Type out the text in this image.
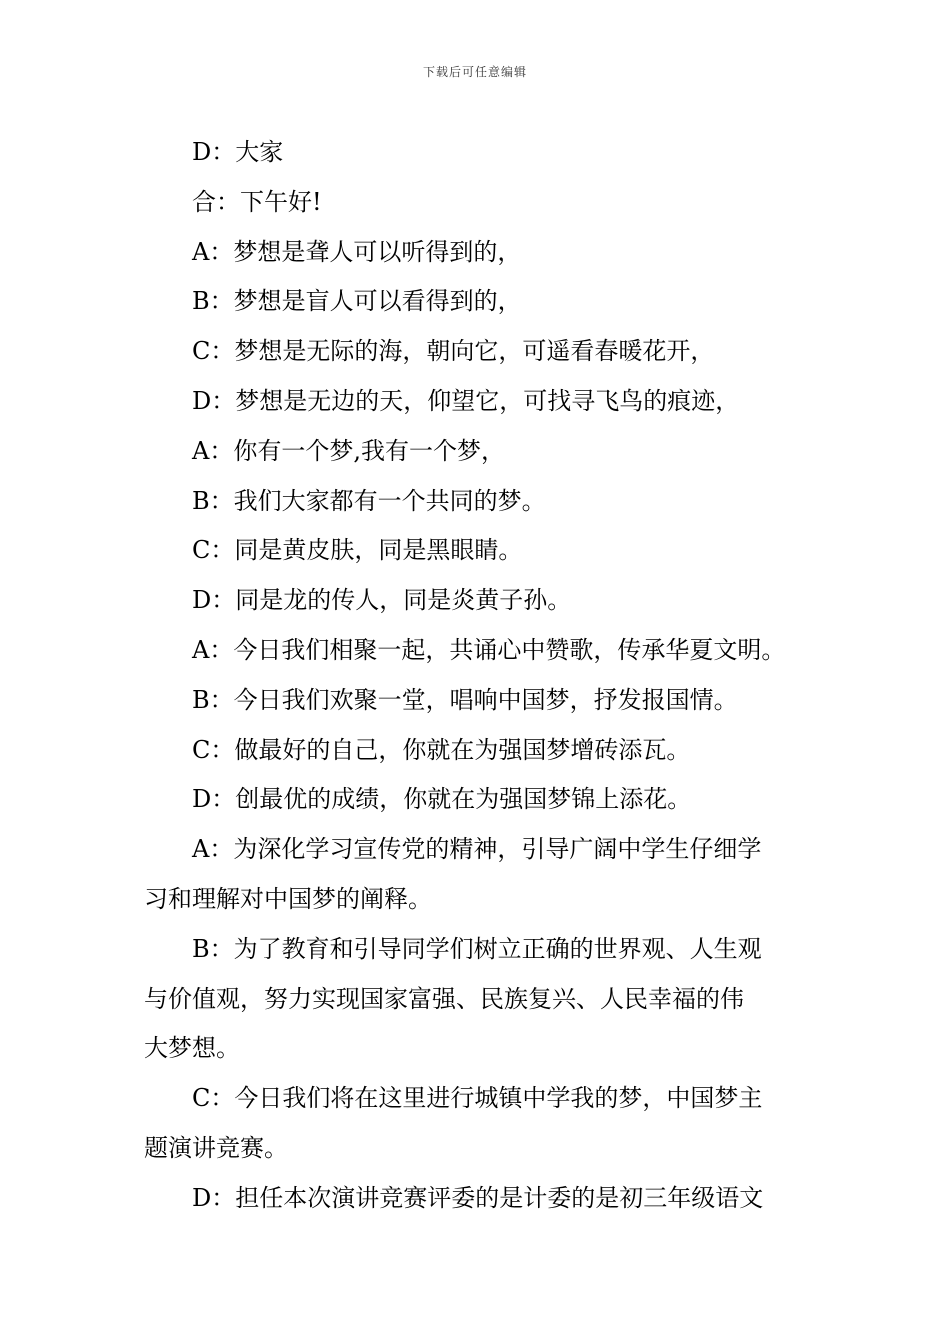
下载后可任意编辑

D：大家

合：下午好!

A：梦想是聋人可以听得到的，

B：梦想是盲人可以看得到的，

C：梦想是无际的海，朝向它，可遥看春暖花开，

D：梦想是无边的天，仰望它，可找寻飞鸟的痕迹，

A：你有一个梦,我有一个梦，

B：我们大家都有一个共同的梦。

C：同是黄皮肤，同是黑眼睛。

D：同是龙的传人，同是炎黄子孙。

A：今日我们相聚一起，共诵心中赞歌，传承华夏文明。

B：今日我们欢聚一堂，唱响中国梦，抒发报国情。

C：做最好的自己，你就在为强国梦增砖添瓦。

D：创最优的成绩，你就在为强国梦锦上添花。

A：为深化学习宣传党的精神，引导广阔中学生仔细学
习和理解对中国梦的阐释。

B：为了教育和引导同学们树立正确的世界观、人生观
与价值观，努力实现国家富强、民族复兴、人民幸福的伟
大梦想。

C：今日我们将在这里进行城镇中学我的梦，中国梦主
题演讲竞赛。

D：担任本次演讲竞赛评委的是计委的是初三年级语文
